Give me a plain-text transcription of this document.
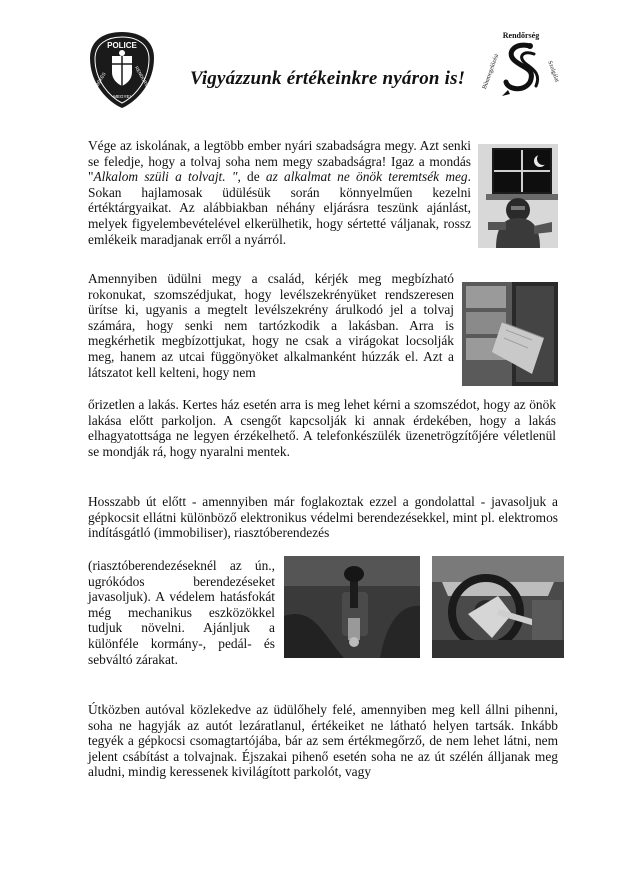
POLICE
BÉKÉS
MEGYEI
RENDŐRSÉG Vigyázzunk értékeinkre nyáron is!
Rendőrség
Bűnmegelőzési	Szolgálat

Vége az iskolának, a legtöbb ember nyári szabadságra megy. Azt senki se feledje, hogy a tolvaj soha nem megy szabadságra! Igaz a mondás "Alkalom szüli a tolvajt. ", de az alkalmat ne önök teremtsék meg. Sokan hajlamosak üdülésük során könnyelműen kezelni értéktárgyaikat. Az alábbiakban néhány eljárásra teszünk ajánlást, melyek figyelembevételével elkerülhetik, hogy sértetté váljanak, rossz emlékeik maradjanak erről a nyárról.

Amennyiben üdülni megy a család, kérjék meg megbízható rokonukat, szomszédjukat, hogy levélszekrényüket rendszeresen ürítse ki, ugyanis a megtelt levélszekrény árulkodó jel a tolvaj számára, hogy senki nem tartózkodik a lakásban. Arra is megkérhetik megbízottjukat, hogy ne csak a virágokat locsolják meg, hanem az utcai függönyöket alkalmanként húzzák el. Azt a látszatot kell kelteni, hogy nem

őrizetlen a lakás. Kertes ház esetén arra is meg lehet kérni a szomszédot, hogy az önök lakása előtt parkoljon. A csengőt kapcsolják ki annak érdekében, hogy a lakás elhagyatottsága ne legyen érzékelhető. A telefonkészülék üzenetrögzítőjére véletlenül se mondják rá, hogy nyaralni mentek.

Hosszabb út előtt - amennyiben már foglakoztak ezzel a gondolattal - javasoljuk a gépkocsit ellátni különböző elektronikus védelmi berendezésekkel, mint pl. elektromos indításgátló (immobiliser), riasztóberendezés

(riasztóberendezéseknél az ún., ugrókódos berendezéseket javasoljuk). A védelem hatásfokát még mechanikus eszközökkel tudjuk növelni. Ajánljuk a különféle kormány-, pedál- és sebváltó zárakat.

Útközben autóval közlekedve az üdülőhely felé, amennyiben meg kell állni pihenni, soha ne hagyják az autót lezáratlanul, értékeiket ne látható helyen tartsák. Inkább tegyék a gépkocsi csomagtartójába, bár az sem értékmegőrző, de nem lehet látni, nem jelent csábítást a tolvajnak. Éjszakai pihenő esetén soha ne az út szélén álljanak meg aludni, mindig keressenek kivilágított parkolót, vagy
